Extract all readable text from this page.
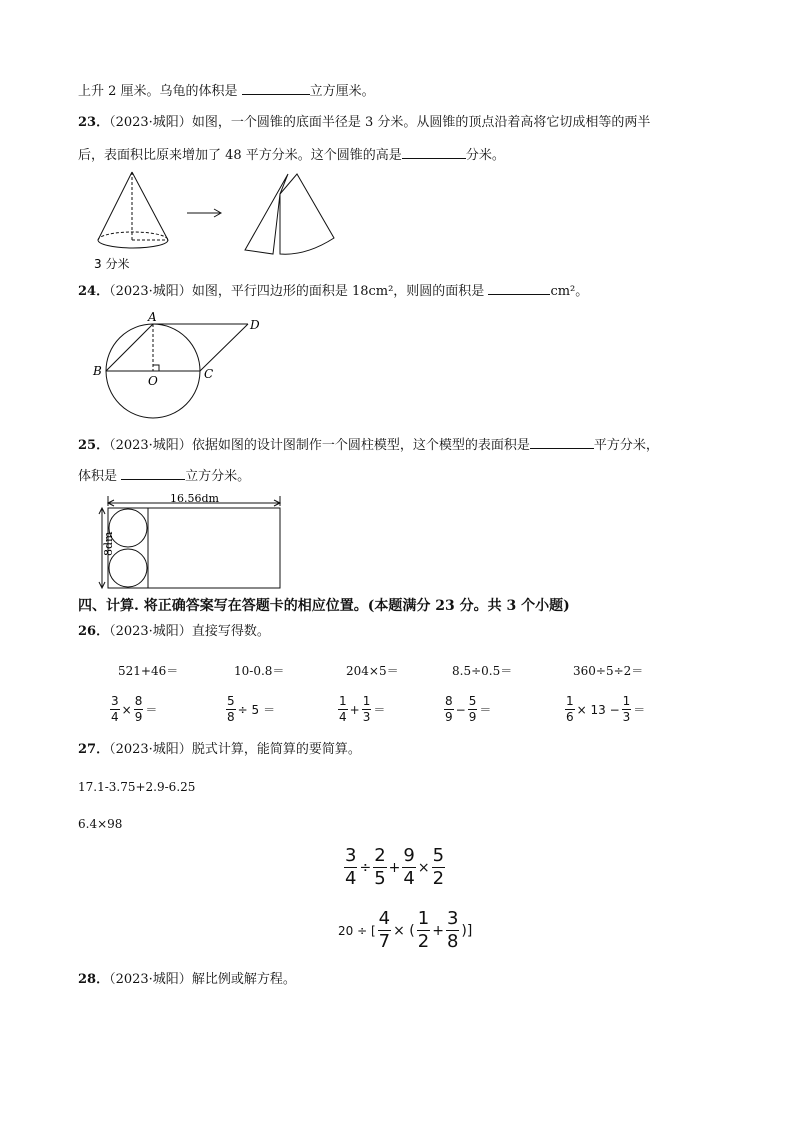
上升 2 厘米。乌龟的体积是	立方厘米。
23．（2023·城阳）如图，一个圆锥的底面半径是 3 分米。从圆锥的顶点沿着高将它切成相等的两半
后，表面积比原来增加了 48 平方分米。这个圆锥的高是	分米。
3 分米
24．（2023·城阳）如图，平行四边形的面积是 18cm²，则圆的面积是	cm²。
A
B	C
D
O
25．（2023·城阳）依据如图的设计图制作一个圆柱模型，这个模型的表面积是	平方分米，
体积是	立方分米。
16.56dm
8dm
四、计算. 将正确答案写在答题卡的相应位置。(本题满分 23 分。共 3 个小题)
26．（2023·城阳）直接写得数。
521+46＝	10-0.8＝	204×5＝	8.5÷0.5＝	360÷5÷2＝
$\frac{3}{4} \times \frac{8}{9}$ ＝	$\frac{5}{8} \div 5$ ＝	$\frac{1}{4} + \frac{1}{3}$ ＝	$\frac{8}{9} - \frac{5}{9}$ ＝	$\frac{1}{6} \times 13 - \frac{1}{3}$ ＝
27．（2023·城阳）脱式计算，能简算的要简算。
17.1-3.75+2.9-6.25
6.4×98
$\frac{3}{4} \div \frac{2}{5} + \frac{9}{4} \times \frac{5}{2}$
20 ÷ [ $\frac{4}{7}$ × ( $\frac{1}{2} + \frac{3}{8}$ )]
28．（2023·城阳）解比例或解方程。
